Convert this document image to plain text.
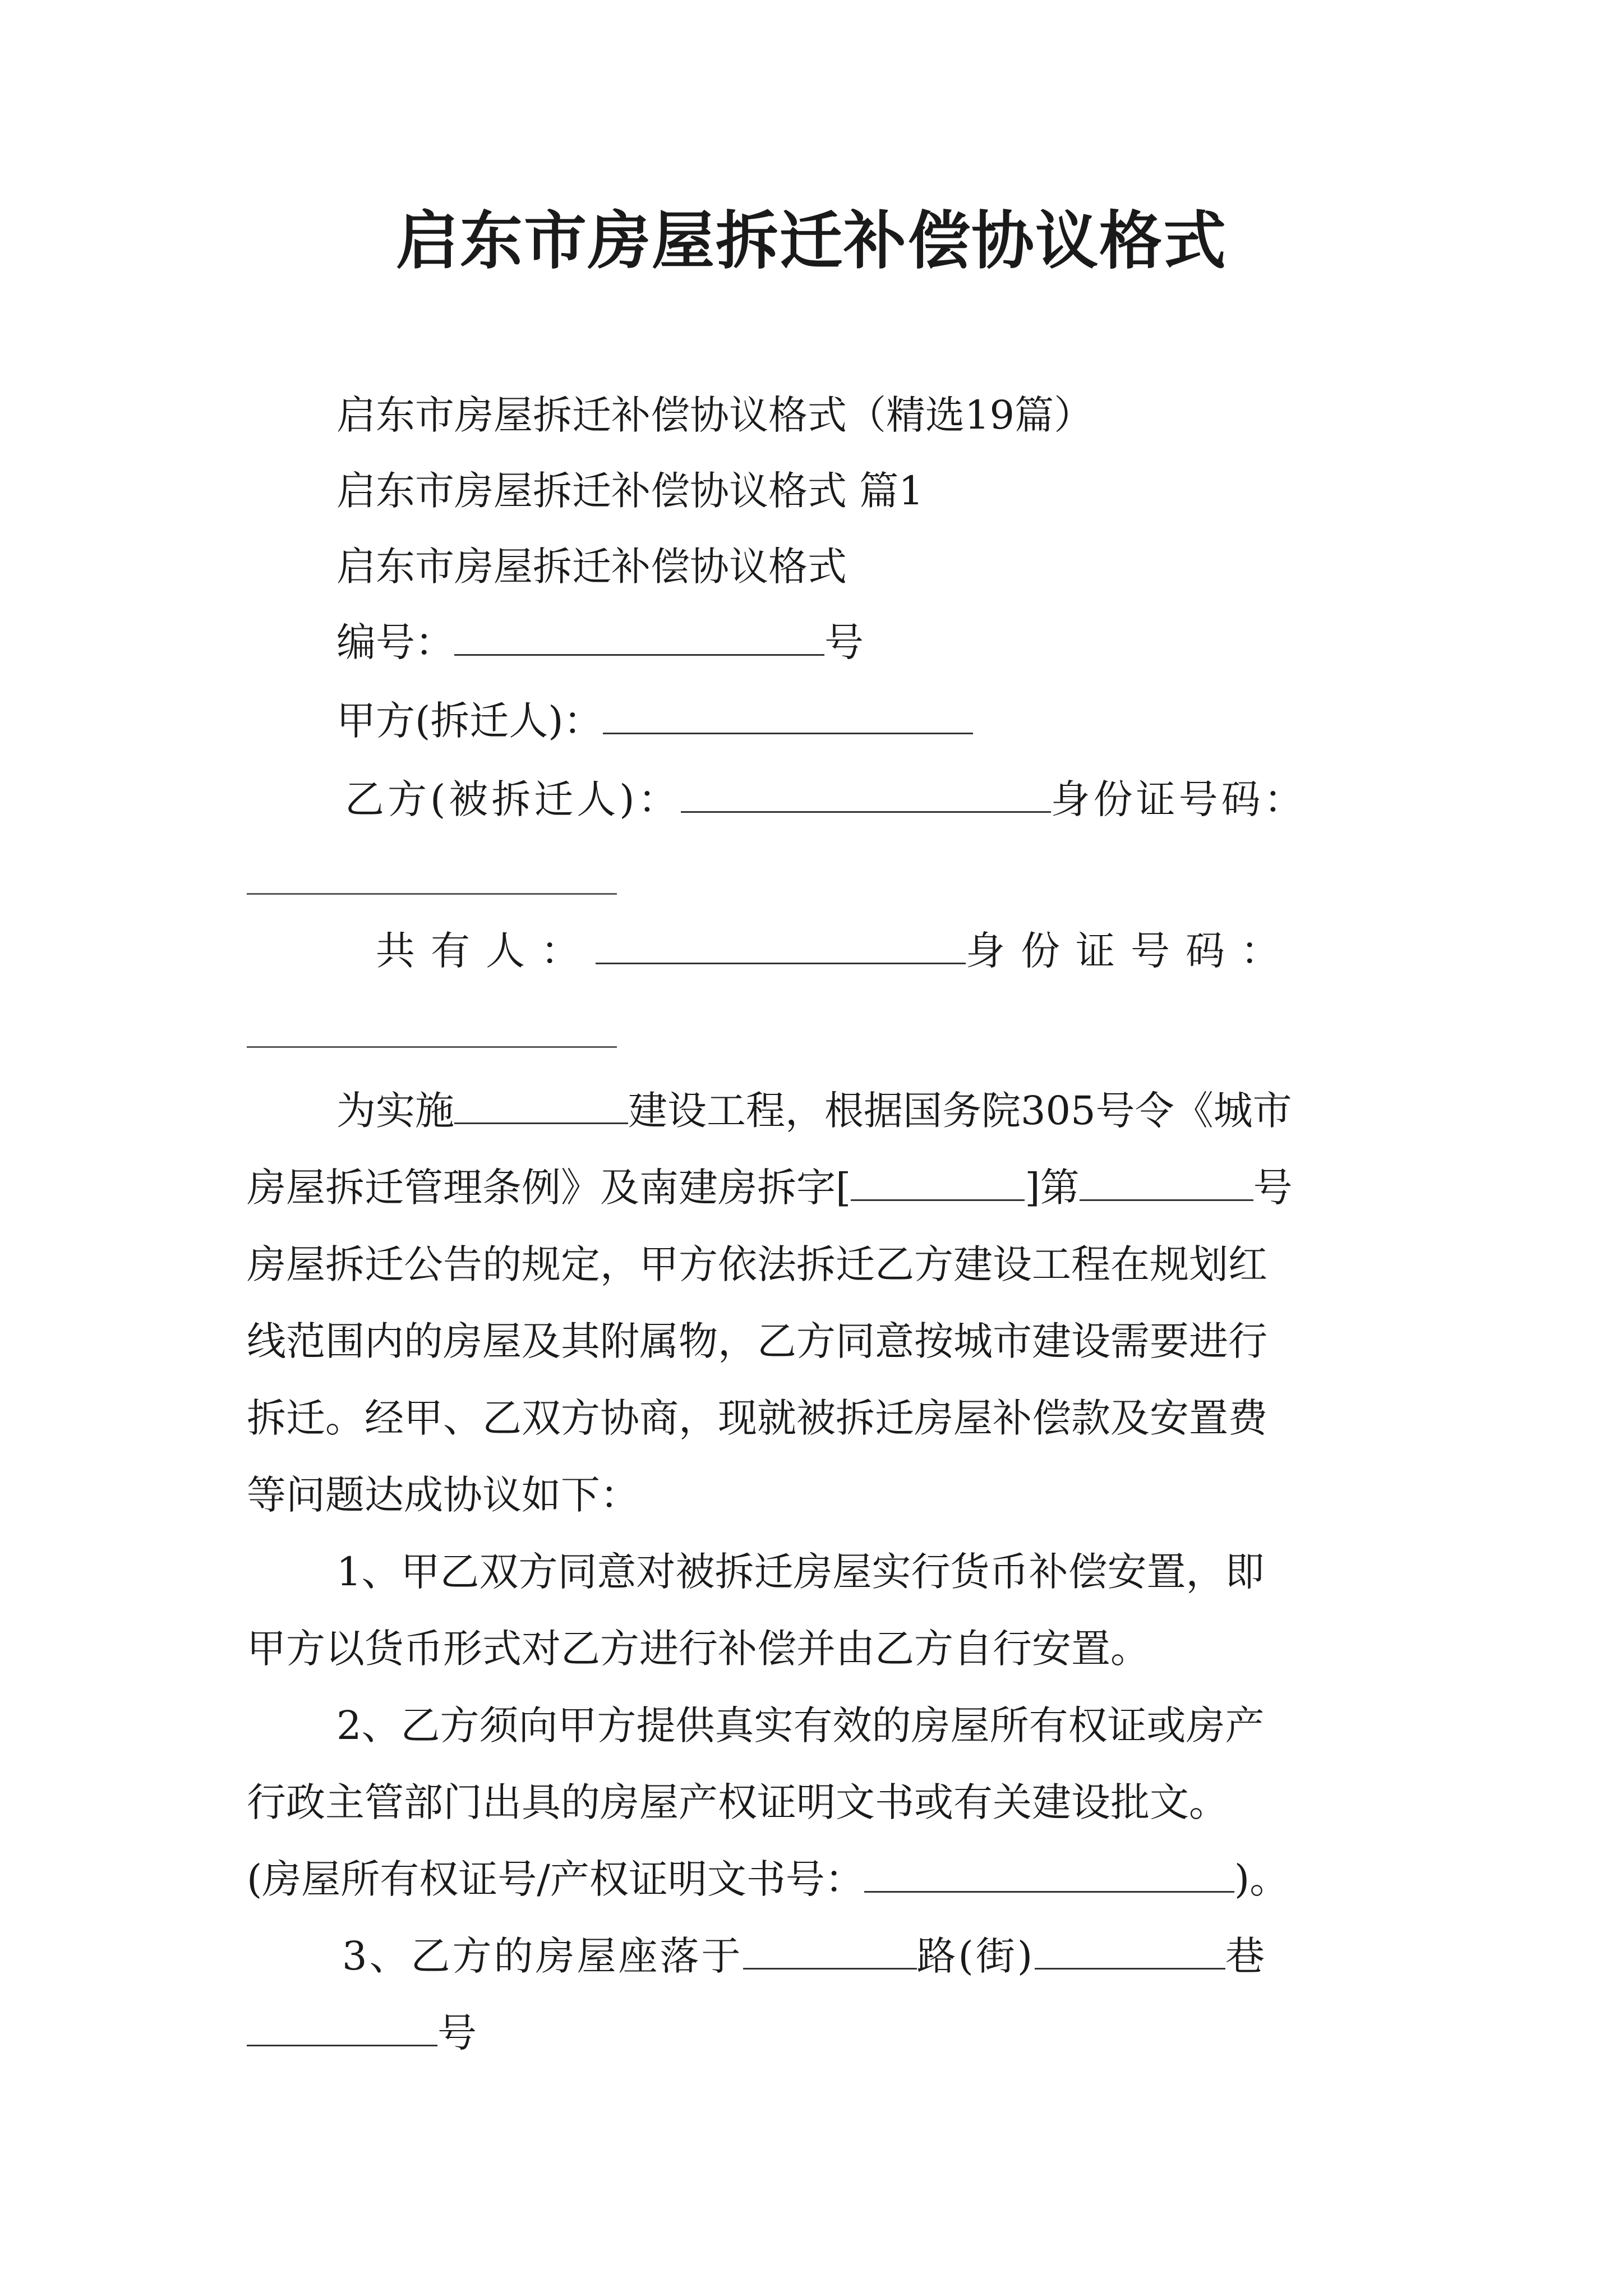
启东市房屋拆迁补偿协议格式
启东市房屋拆迁补偿协议格式（精选19篇）
启东市房屋拆迁补偿协议格式 篇1
启东市房屋拆迁补偿协议格式
编号：	号
甲方(拆迁人)：
乙方(被拆迁人)：	身份证号码：
共有人：	身份证号码：
为实施	建设工程，根据国务院305号令《城市
房屋拆迁管理条例》及南建房拆字[	]第	号
房屋拆迁公告的规定，甲方依法拆迁乙方建设工程在规划红
线范围内的房屋及其附属物，乙方同意按城市建设需要进行
拆迁。经甲、乙双方协商，现就被拆迁房屋补偿款及安置费
等问题达成协议如下：
1、甲乙双方同意对被拆迁房屋实行货币补偿安置，即
甲方以货币形式对乙方进行补偿并由乙方自行安置。
2、乙方须向甲方提供真实有效的房屋所有权证或房产
行政主管部门出具的房屋产权证明文书或有关建设批文。
(房屋所有权证号/产权证明文书号：	)。
3、乙方的房屋座落于	路(街)	巷
号
